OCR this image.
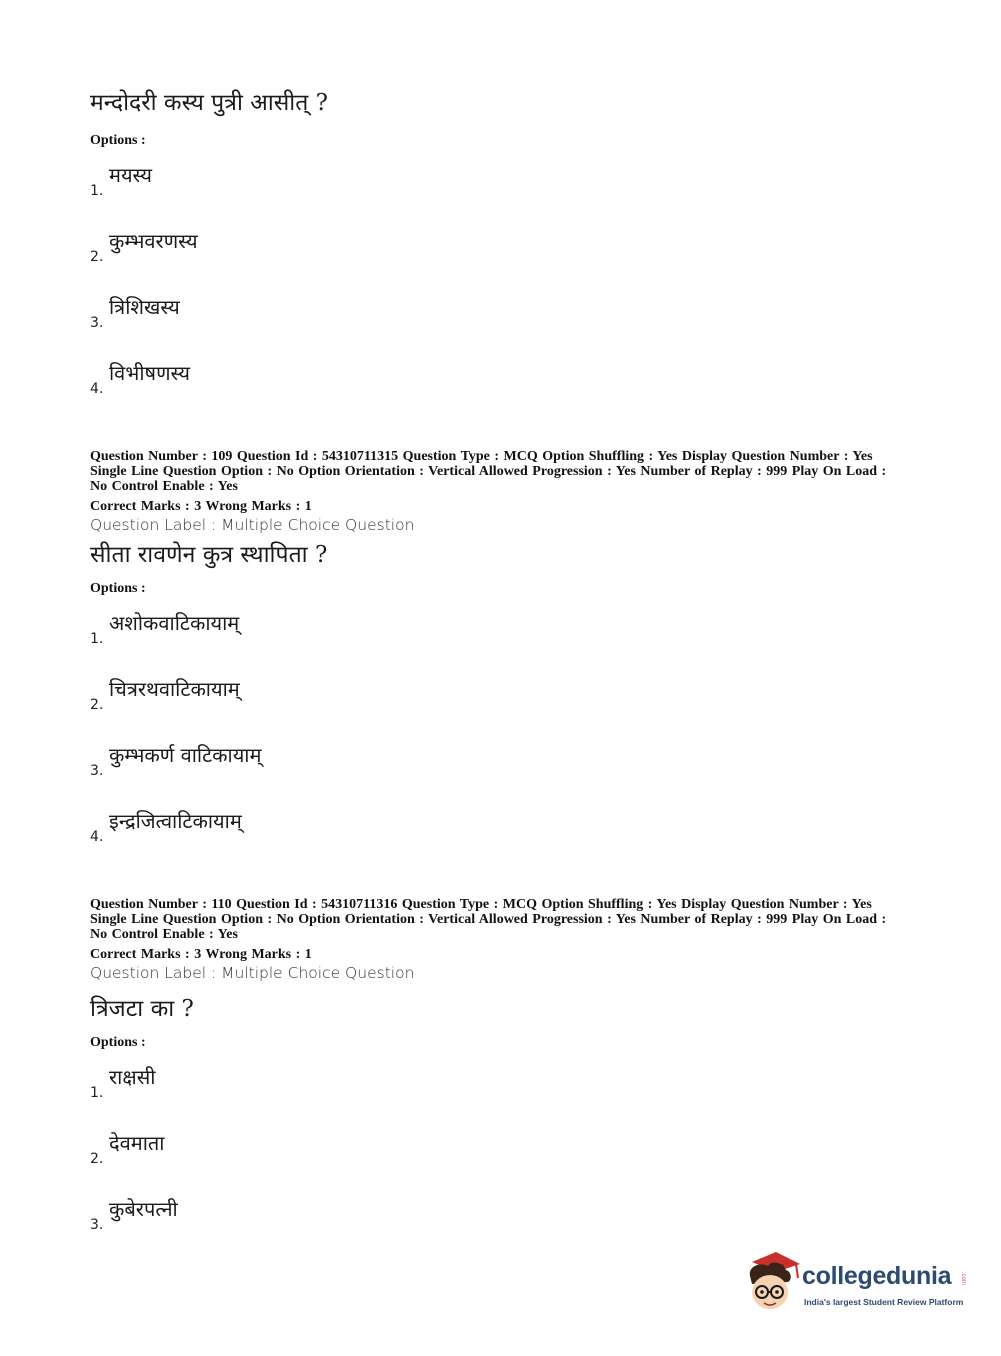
मन्दोदरी कस्य पुत्री आसीत् ?

Options :

1.
मयस्य
2.
कुम्भवरणस्य
3.
त्रिशिखस्य
4.
विभीषणस्य

Question Number : 109 Question Id : 54310711315 Question Type : MCQ Option Shuffling : Yes Display Question Number : Yes

Single Line Question Option : No Option Orientation : Vertical Allowed Progression : Yes Number of Replay : 999 Play On Load :

No Control Enable : Yes

Correct Marks : 3 Wrong Marks : 1

Question Label : Multiple Choice Question

सीता रावणेन कुत्र स्थापिता ?

Options :

1.
अशोकवाटिकायाम्
2.
चित्ररथवाटिकायाम्
3.
कुम्भकर्ण वाटिकायाम्
4.
इन्द्रजित्वाटिकायाम्

Question Number : 110 Question Id : 54310711316 Question Type : MCQ Option Shuffling : Yes Display Question Number : Yes

Single Line Question Option : No Option Orientation : Vertical Allowed Progression : Yes Number of Replay : 999 Play On Load :

No Control Enable : Yes

Correct Marks : 3 Wrong Marks : 1

Question Label : Multiple Choice Question

त्रिजटा का ?

Options :

1.
राक्षसी
2.
देवमाता
3.
कुबेरपत्नी
collegedunia .com
India's largest Student Review Platform
